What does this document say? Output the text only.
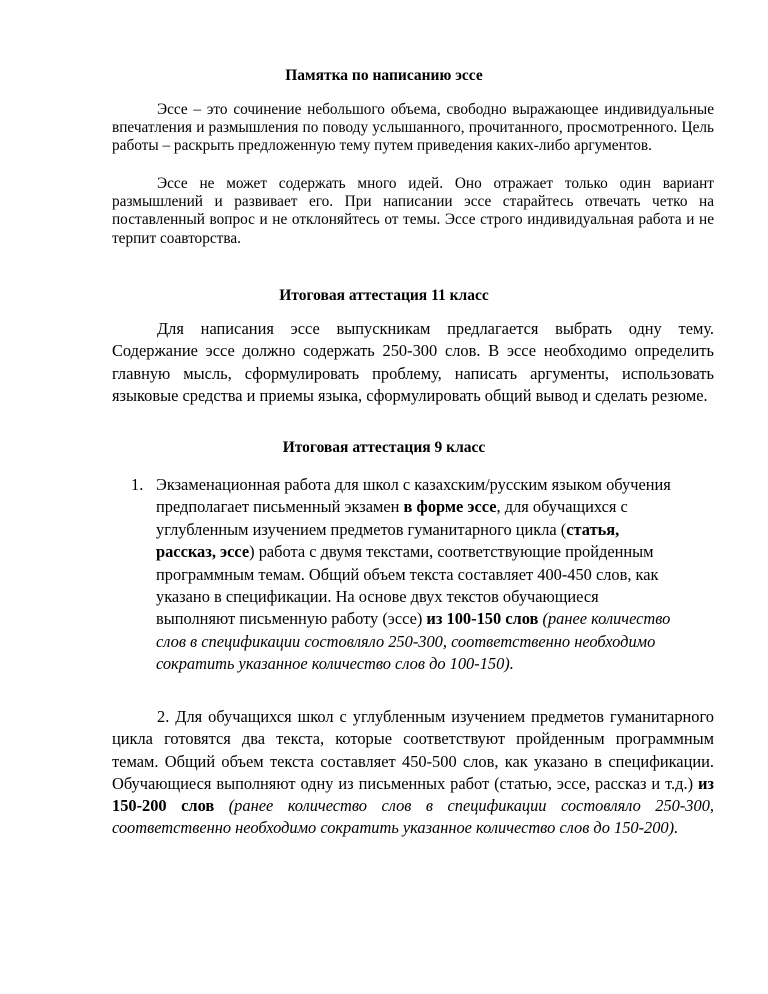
Памятка по написанию эссе

Эссе – это сочинение небольшого объема, свободно выражающее индивидуальные впечатления и размышления по поводу услышанного, прочитанного, просмотренного. Цель работы – раскрыть предложенную тему путем приведения каких-либо аргументов.

Эссе не может содержать много идей. Оно отражает только один вариант размышлений и развивает его. При написании эссе старайтесь отвечать четко на поставленный вопрос и не отклоняйтесь от темы. Эссе строго индивидуальная работа и не терпит соавторства.

Итоговая аттестация 11 класс

Для написания эссе выпускникам предлагается выбрать одну тему. Содержание эссе должно содержать 250-300 слов. В эссе необходимо определить главную мысль, сформулировать проблему, написать аргументы, использовать языковые средства и приемы языка, сформулировать общий вывод и сделать резюме.

Итоговая аттестация 9 класс
1. Экзаменационная работа для школ с казахским/русским языком обучения предполагает письменный экзамен в форме эссе, для обучащихся с углубленным изучением предметов гуманитарного цикла (статья, рассказ, эссе) работа с двумя текстами, соответствующие пройденным программным темам. Общий объем текста составляет 400-450 слов, как указано в спецификации. На основе двух текстов обучающиеся выполняют письменную работу (эссе) из 100-150 слов (ранее количество слов в спецификации состовляло 250-300, соответственно необходимо сократить указанное количество слов до 100-150).

2. Для обучащихся школ с углубленным изучением предметов гуманитарного цикла готовятся два текста, которые соответствуют пройденным программным темам. Общий объем текста составляет 450-500 слов, как указано в спецификации. Обучающиеся выполняют одну из письменных работ (статью, эссе, рассказ и т.д.) из 150-200 слов (ранее количество слов в спецификации состовляло 250-300, соответственно необходимо сократить указанное количество слов до 150-200).
